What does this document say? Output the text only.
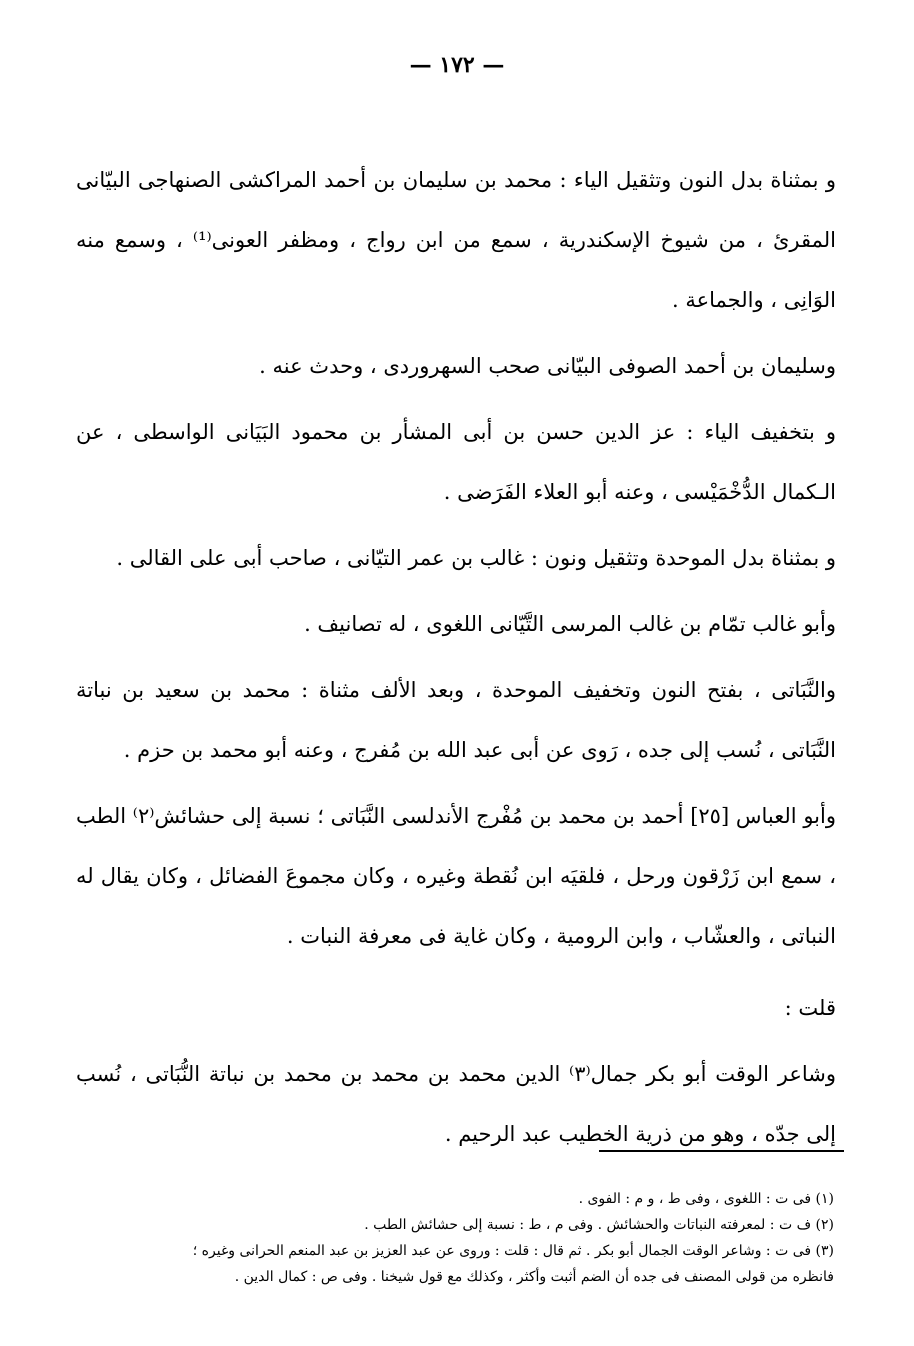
— ١٧٢ —

و بمثناة بدل النون وتثقيل الياء : محمد بن سليمان بن أحمد المراكشى الصنهاجى البيّانى المقرئ ، من شيوخ الإسكندرية ، سمع من ابن رواج ، ومظفر العونى⁽¹⁾ ، وسمع منه الوَانِى ، والجماعة .

وسليمان بن أحمد الصوفى البيّانى صحب السهروردى ، وحدث عنه .

و بتخفيف الياء : عز الدين حسن بن أبى المشأر بن محمود البَيَانى الواسطى ، عن الـكمال الدُّخْمَيْسى ، وعنه أبو العلاء الفَرَضى .

و بمثناة بدل الموحدة وتثقيل ونون : غالب بن عمر التيّانى ، صاحب أبى على القالى .

وأبو غالب تمّام بن غالب المرسى التَّيّانى اللغوى ، له تصانيف .

والنَّبَاتى ، بفتح النون وتخفيف الموحدة ، وبعد الألف مثناة : محمد بن سعيد بن نباتة النَّبَاتى ، نُسب إلى جده ، رَوى عن أبى عبد الله بن مُفرج ، وعنه أبو محمد بن حزم .

وأبو العباس [٢٥] أحمد بن محمد بن مُفْرج الأندلسى النَّبَاتى ؛ نسبة إلى حشائش⁽٢⁾ الطب ، سمع ابن زَرْقون ورحل ، فلقيَه ابن نُقطة وغيره ، وكان مجموعَ الفضائل ، وكان يقال له النباتى ، والعشّاب ، وابن الرومية ، وكان غاية فى معرفة النبات .

قلت :

وشاعر الوقت أبو بكر جمال⁽٣⁾ الدين محمد بن محمد بن محمد بن نباتة النُّبَاتى ، نُسب إلى جدّه ، وهو من ذرية الخطيب عبد الرحيم .

(١) فى ت : اللغوى ، وفى ط ، و م : الفوى .

(٢) ف ت : لمعرفته النباتات والحشائش . وفى م ، ط : نسبة إلى حشائش الطب .

(٣) فى ت : وشاعر الوقت الجمال أبو بكر . ثم قال : قلت : وروى عن عبد العزيز بن عبد المنعم الحرانى وغيره ؛

فانظره من قولى المصنف فى جده أن الضم أثبت وأكثر ، وكذلك مع قول شيخنا . وفى ص : كمال الدين .
